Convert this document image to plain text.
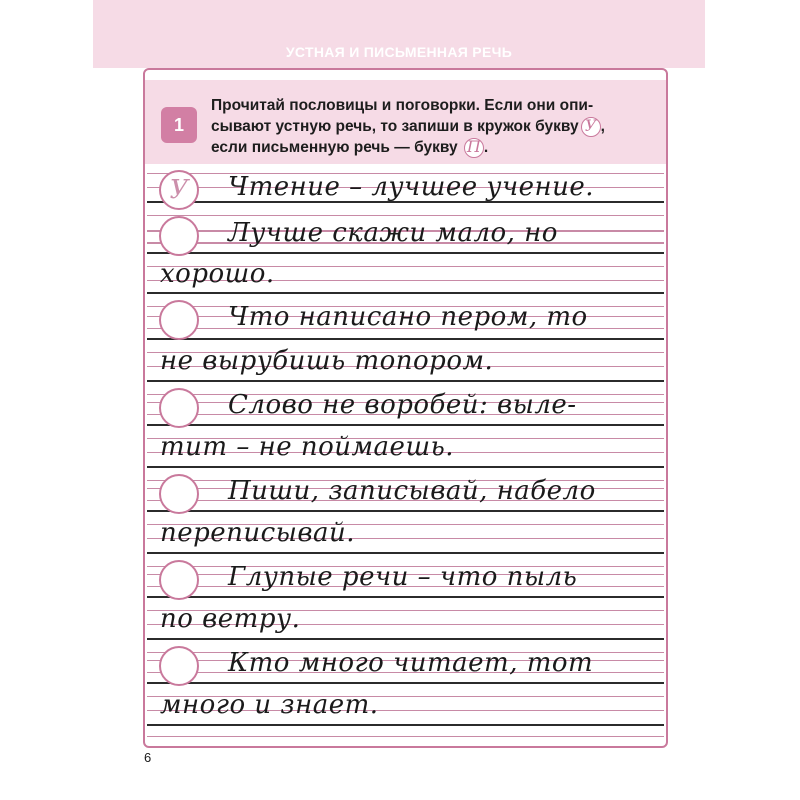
УСТНАЯ И ПИСЬМЕННАЯ РЕЧЬ
1
Прочитай пословицы и поговорки. Если они опи-
сывают устную речь, то запиши в кружок букву У ,
если письменную речь — букву П .
У	Чтение – лучшее учение.
Лучше скажи мало, но
хорошо.
Что написано пером, то
не вырубишь топором.
Слово не воробей: выле-
тит – не поймаешь.
Пиши, записывай, набело
переписывай.
Глупые речи – что пыль
по ветру.
Кто много читает, тот
много и знает.
6
